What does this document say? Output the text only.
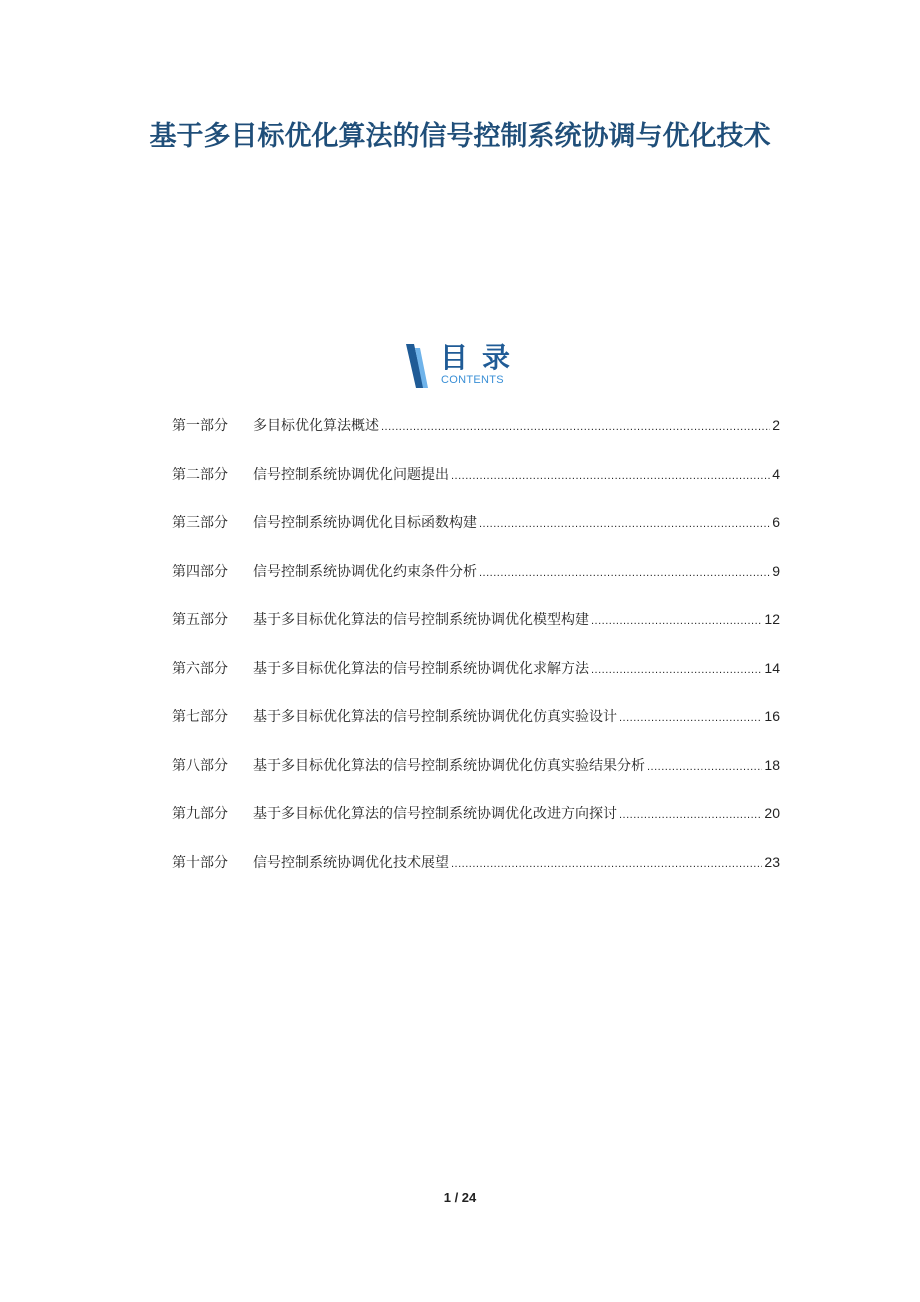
基于多目标优化算法的信号控制系统协调与优化技术
目录
CONTENTS
第一部分	多目标优化算法概述 .....	2
第二部分	信号控制系统协调优化问题提出 .....	4
第三部分	信号控制系统协调优化目标函数构建 .....	6
第四部分	信号控制系统协调优化约束条件分析 .....	9
第五部分	基于多目标优化算法的信号控制系统协调优化模型构建 .....	12
第六部分	基于多目标优化算法的信号控制系统协调优化求解方法 .....	14
第七部分	基于多目标优化算法的信号控制系统协调优化仿真实验设计 .....	16
第八部分	基于多目标优化算法的信号控制系统协调优化仿真实验结果分析 .....	18
第九部分	基于多目标优化算法的信号控制系统协调优化改进方向探讨 .....	20
第十部分	信号控制系统协调优化技术展望 .....	23
1 / 24
